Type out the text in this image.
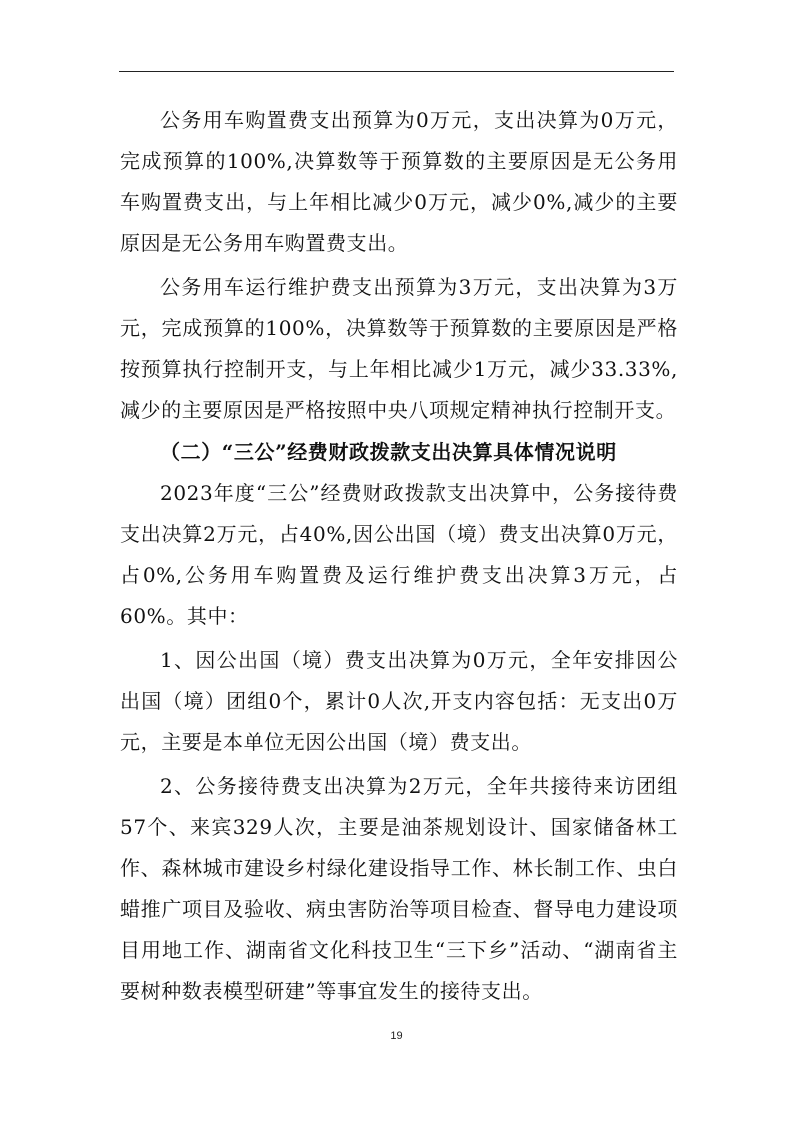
公务用车购置费支出预算为0万元，支出决算为0万元，完成预算的100%,决算数等于预算数的主要原因是无公务用车购置费支出，与上年相比减少0万元，减少0%,减少的主要原因是无公务用车购置费支出。

公务用车运行维护费支出预算为3万元，支出决算为3万元，完成预算的100%，决算数等于预算数的主要原因是严格按预算执行控制开支，与上年相比减少1万元，减少33.33%,减少的主要原因是严格按照中央八项规定精神执行控制开支。

（二）“三公”经费财政拨款支出决算具体情况说明

2023年度“三公”经费财政拨款支出决算中，公务接待费支出决算2万元，占40%,因公出国（境）费支出决算0万元，占0%,公务用车购置费及运行维护费支出决算3万元，占60%。其中：

1、因公出国（境）费支出决算为0万元，全年安排因公出国（境）团组0个，累计0人次,开支内容包括：无支出0万元，主要是本单位无因公出国（境）费支出。

2、公务接待费支出决算为2万元，全年共接待来访团组57个、来宾329人次，主要是油茶规划设计、国家储备林工作、森林城市建设乡村绿化建设指导工作、林长制工作、虫白蜡推广项目及验收、病虫害防治等项目检查、督导电力建设项目用地工作、湖南省文化科技卫生“三下乡”活动、“湖南省主要树种数表模型研建”等事宜发生的接待支出。

19
